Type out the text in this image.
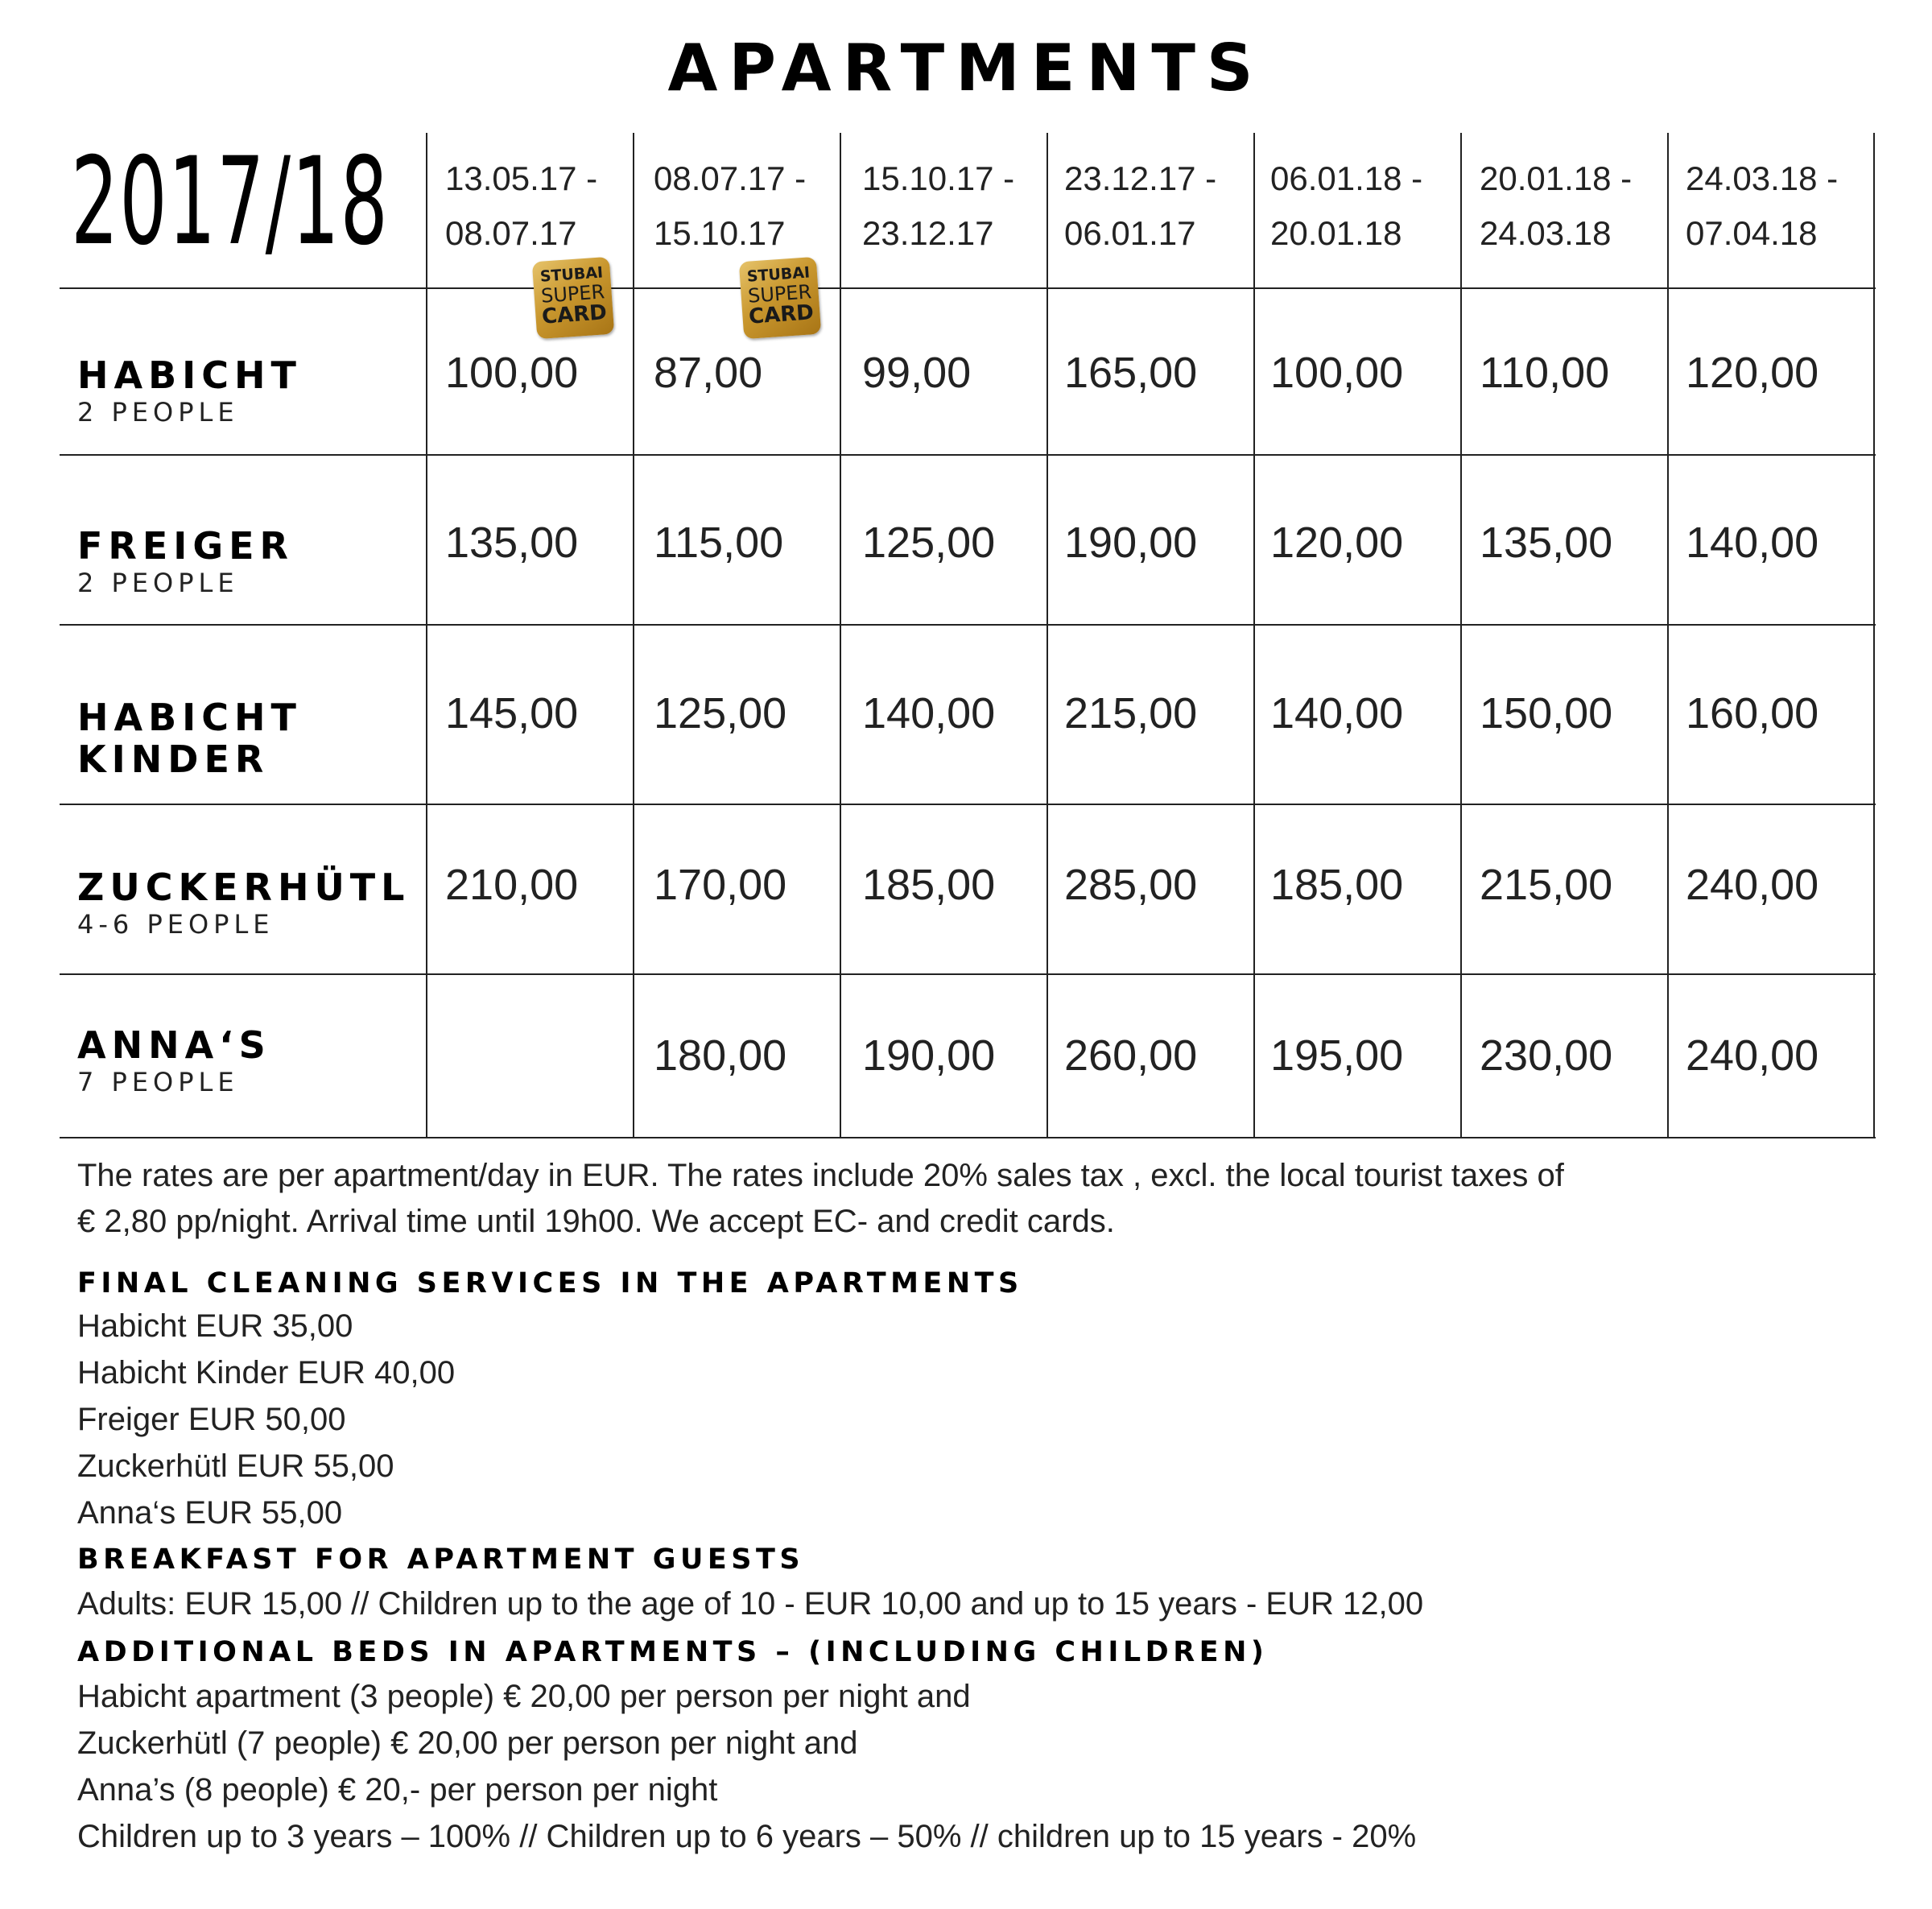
APARTMENTS
2017/18 13.05.17 -
08.07.17
08.07.17 -
15.10.17
15.10.17 -
23.12.17
23.12.17 -
06.01.17
06.01.18 -
20.01.18
20.01.18 -
24.03.18
24.03.18 -
07.04.18
STUBAI
SUPER
CARD
STUBAI
SUPER
CARD
HABICHT
2 PEOPLE
FREIGER
2 PEOPLE
HABICHT
KINDER
ZUCKERHÜTL
4-6 PEOPLE
ANNA‘S
7 PEOPLE
100,00 87,00 99,00 165,00 100,00 110,00 120,00
135,00 115,00 125,00 190,00 120,00 135,00 140,00
145,00 125,00 140,00 215,00 140,00 150,00 160,00
210,00 170,00 185,00 285,00 185,00 215,00 240,00
180,00 190,00 260,00 195,00 230,00 240,00
The rates are per apartment/day in EUR. The rates include 20% sales tax , excl. the local tourist taxes of
€ 2,80 pp/night. Arrival time until 19h00. We accept EC- and credit cards.
FINAL CLEANING SERVICES IN THE APARTMENTS
Habicht EUR 35,00
Habicht Kinder EUR 40,00
Freiger EUR 50,00
Zuckerhütl EUR 55,00
Anna‘s EUR 55,00
BREAKFAST FOR APARTMENT GUESTS
Adults: EUR 15,00 // Children up to the age of 10 - EUR 10,00 and up to 15 years - EUR 12,00
ADDITIONAL BEDS IN APARTMENTS – (INCLUDING CHILDREN)
Habicht apartment (3 people) € 20,00 per person per night and
Zuckerhütl (7 people) € 20,00 per person per night and
Anna’s (8 people) € 20,- per person per night
Children up to 3 years – 100% // Children up to 6 years – 50% // children up to 15 years - 20%
